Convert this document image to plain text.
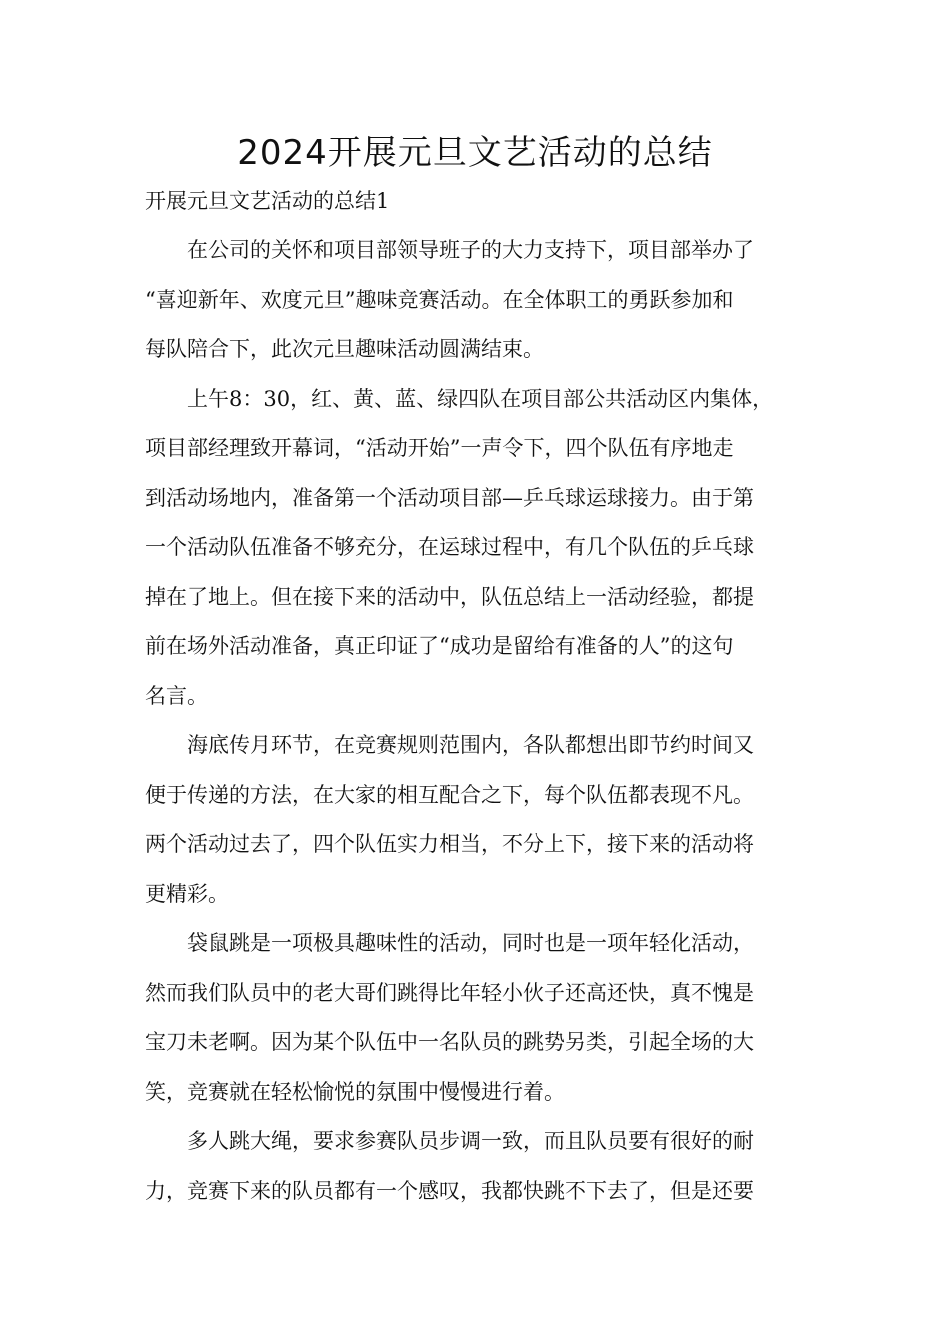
2024开展元旦文艺活动的总结

开展元旦文艺活动的总结1

　　在公司的关怀和项目部领导班子的大力支持下，项目部举办了
“喜迎新年、欢度元旦”趣味竞赛活动。在全体职工的勇跃参加和
每队陪合下，此次元旦趣味活动圆满结束。
　　上午8：30，红、黄、蓝、绿四队在项目部公共活动区内集体，
项目部经理致开幕词，“活动开始”一声令下，四个队伍有序地走
到活动场地内，准备第一个活动项目部—乒乓球运球接力。由于第
一个活动队伍准备不够充分，在运球过程中，有几个队伍的乒乓球
掉在了地上。但在接下来的活动中，队伍总结上一活动经验，都提
前在场外活动准备，真正印证了“成功是留给有准备的人”的这句
名言。
　　海底传月环节，在竞赛规则范围内，各队都想出即节约时间又
便于传递的方法，在大家的相互配合之下，每个队伍都表现不凡。
两个活动过去了，四个队伍实力相当，不分上下，接下来的活动将
更精彩。
　　袋鼠跳是一项极具趣味性的活动，同时也是一项年轻化活动，
然而我们队员中的老大哥们跳得比年轻小伙子还高还快，真不愧是
宝刀未老啊。因为某个队伍中一名队员的跳势另类，引起全场的大
笑，竞赛就在轻松愉悦的氛围中慢慢进行着。
　　多人跳大绳，要求参赛队员步调一致，而且队员要有很好的耐
力，竞赛下来的队员都有一个感叹，我都快跳不下去了，但是还要
